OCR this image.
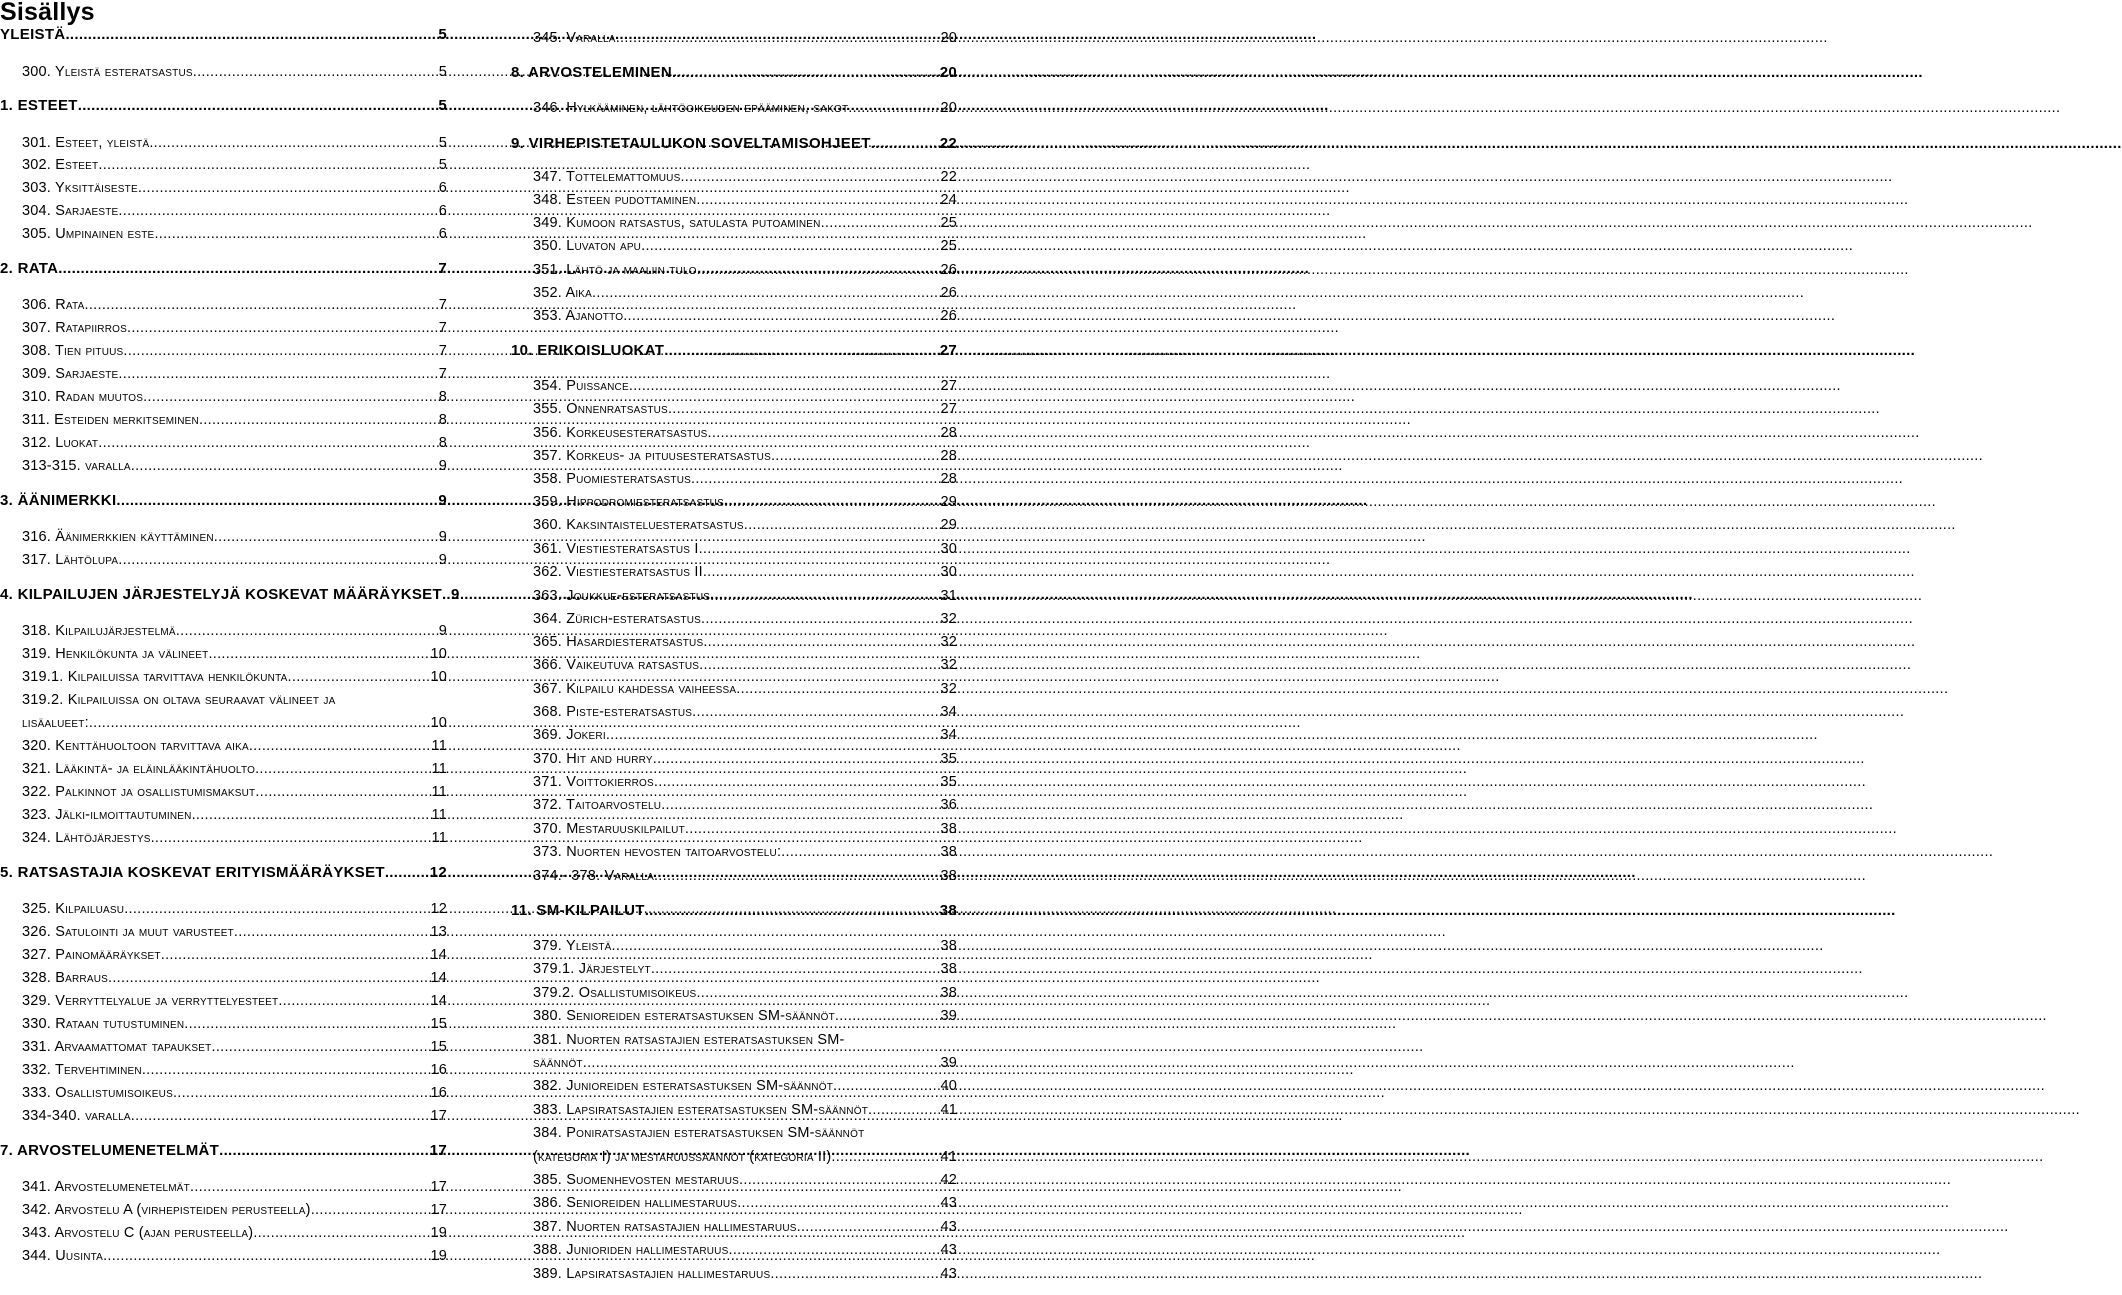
Sisällys
YLEISTÄ .....	5
300. Yleistä esteratsastus .....	5
1. ESTEET .....	5
301. Esteet, yleistä .....	5
302. Esteet .....	5
303. Yksittäiseste .....	6
304. Sarjaeste .....	6
305. Umpinainen este .....	6
2. RATA .....	7
306. Rata .....	7
307. Ratapiirros .....	7
308. Tien pituus .....	7
309. Sarjaeste .....	7
310. Radan muutos .....	8
311. Esteiden merkitseminen .....	8
312. Luokat .....	8
313-315. varalla .....	9
3. ÄÄNIMERKKI .....	9
316. Äänimerkkien käyttäminen .....	9
317. Lähtölupa .....	9
4. KILPAILUJEN JÄRJESTELYJÄ KOSKEVAT MÄÄRÄYKSET ..... 9
318. Kilpailujärjestelmä .....	9
319. Henkilökunta ja välineet .....	10
319.1. Kilpailuissa tarvittava henkilökunta .....	10
319.2. Kilpailuissa on oltava seuraavat välineet ja
lisäalueet: .....	10
320. Kenttähuoltoon tarvittava aika .....	11
321. Lääkintä- ja eläinlääkintähuolto .....	11
322. Palkinnot ja osallistumismaksut .....	11
323. Jälki-ilmoittautuminen .....	11
324. Lähtöjärjestys .....	11
5. RATSASTAJIA KOSKEVAT ERITYISMÄÄRÄYKSET .....	12
325. Kilpailuasu .....	12
326. Satulointi ja muut varusteet .....	13
327. Painomääräykset .....	14
328. Barraus .....	14
329. Verryttelyalue ja verryttelyesteet .....	14
330. Rataan tutustuminen .....	15
331. Arvaamattomat tapaukset .....	15
332. Tervehtiminen .....	16
333. Osallistumisoikeus .....	16
334-340. varalla .....	17
7. ARVOSTELUMENETELMÄT .....	17
341. Arvostelumenetelmät .....	17
342. Arvostelu A (virhepisteiden perusteella) .....	17
343. Arvostelu C (ajan perusteella) .....	19
344. Uusinta .....	19
345. Varalla .....	20
8. ARVOSTELEMINEN .....	20
346. Hylkääminen, lähtöoikeuden epääminen, sakot .....	20
9. VIRHEPISTETAULUKON SOVELTAMISOHJEET .....	22
347. Tottelemattomuus .....	22
348. Esteen pudottaminen .....	24
349. Kumoon ratsastus, satulasta putoaminen .....	25
350. Luvaton apu .....	25
351. Lähtö ja maaliin tulo .....	26
352. Aika .....	26
353. Ajanotto .....	26
10. ERIKOISLUOKAT .....	27
354. Puissance .....	27
355. Onnenratsastus .....	27
356. Korkeusesteratsastus .....	28
357. Korkeus- ja pituusesteratsastus .....	28
358. Puomiesteratsastus .....	28
359. Hippodromiesteratsastus .....	29
360. Kaksintaisteluesteratsastus .....	29
361. Viestiesteratsastus I .....	30
362. Viestiesteratsastus II .....	30
363. Joukkue-esteratsastus .....	31
364. Zürich-esteratsastus .....	32
365. Hasardiesteratsastus .....	32
366. Vaikeutuva ratsastus .....	32
367. Kilpailu kahdessa vaiheessa .....	32
368. Piste-esteratsastus .....	34
369. Jokeri .....	34
370. Hit and hurry .....	35
371. Voittokierros .....	35
372. Taitoarvostelu .....	36
370. Mestaruuskilpailut .....	38
373. Nuorten hevosten taitoarvostelu: .....	38
374.- 378. Varalla .....	38
11. SM-KILPAILUT .....	38
379. Yleistä .....	38
379.1. Järjestelyt .....	38
379.2. Osallistumisoikeus .....	38
380. Senioreiden esteratsastuksen SM-säännöt .....	39
381. Nuorten ratsastajien esteratsastuksen SM-
säännöt .....	39
382. Junioreiden esteratsastuksen SM-säännöt .....	40
383. Lapsiratsastajien esteratsastuksen SM-säännöt .....	41
384. Poniratsastajien esteratsastuksen SM-säännöt
(kategoria I) ja mestaruussäännöt (kategoria II) .....	41
385. Suomenhevosten mestaruus .....	42
386. Senioreiden hallimestaruus .....	43
387. Nuorten ratsastajien hallimestaruus .....	43
388. Junioriden hallimestaruus .....	43
389. Lapsiratsastajien hallimestaruus .....	43
